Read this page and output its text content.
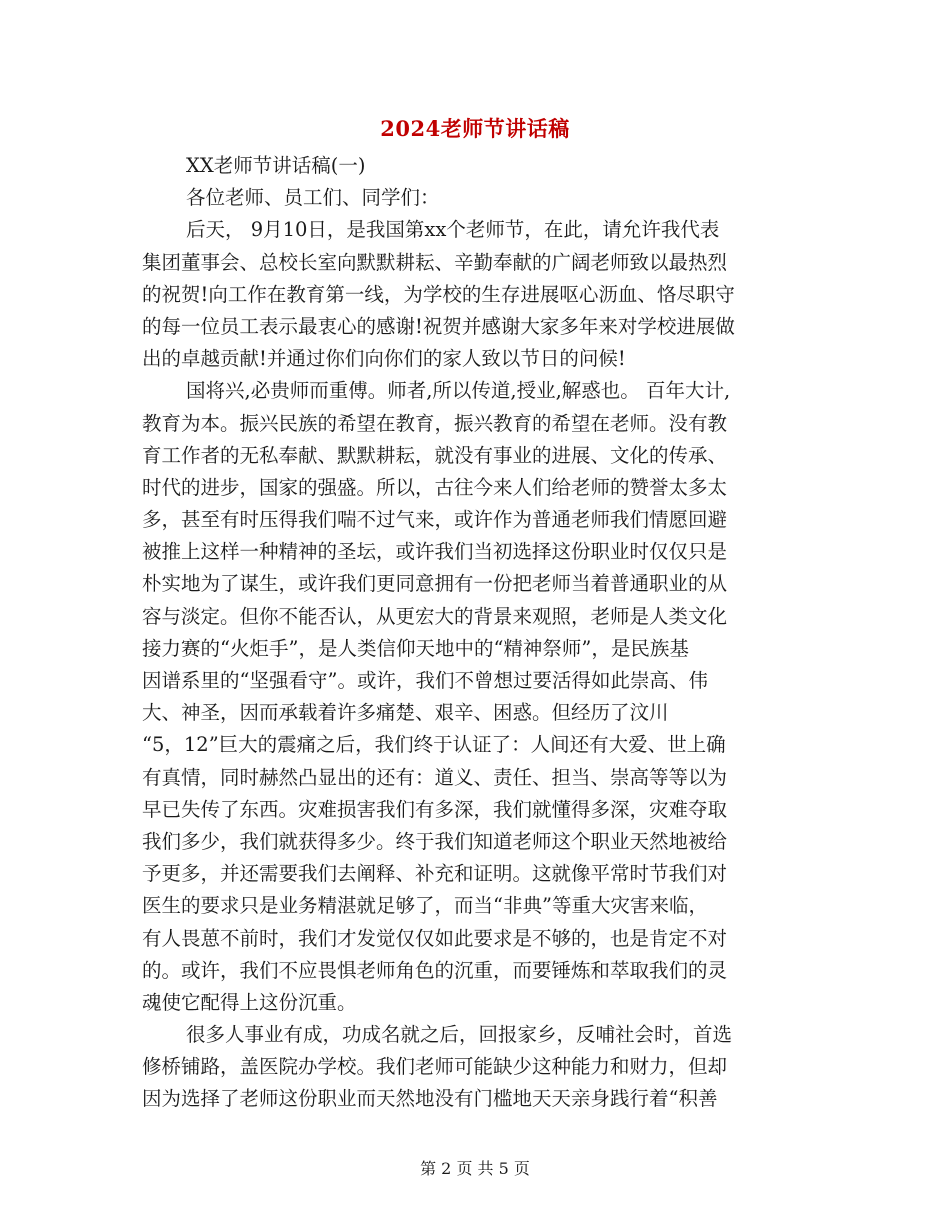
2024老师节讲话稿

XX老师节讲话稿(一)

各位老师、员工们、同学们：

后天， 9月10日，是我国第xx个老师节，在此，请允许我代表

集团董事会、总校长室向默默耕耘、辛勤奉献的广阔老师致以最热烈

的祝贺!向工作在教育第一线，为学校的生存进展呕心沥血、恪尽职守

的每一位员工表示最衷心的感谢!祝贺并感谢大家多年来对学校进展做

出的卓越贡献!并通过你们向你们的家人致以节日的问候!

国将兴,必贵师而重傅。师者,所以传道,授业,解惑也。 百年大计,

教育为本。振兴民族的希望在教育，振兴教育的希望在老师。没有教

育工作者的无私奉献、默默耕耘，就没有事业的进展、文化的传承、

时代的进步，国家的强盛。所以，古往今来人们给老师的赞誉太多太

多，甚至有时压得我们喘不过气来，或许作为普通老师我们情愿回避

被推上这样一种精神的圣坛，或许我们当初选择这份职业时仅仅只是

朴实地为了谋生，或许我们更同意拥有一份把老师当着普通职业的从

容与淡定。但你不能否认，从更宏大的背景来观照，老师是人类文化

接力赛的“火炬手”，是人类信仰天地中的“精神祭师”，是民族基

因谱系里的“坚强看守”。或许，我们不曾想过要活得如此崇高、伟

大、神圣，因而承载着许多痛楚、艰辛、困惑。但经历了汶川

“5，12”巨大的震痛之后，我们终于认证了：人间还有大爱、世上确

有真情，同时赫然凸显出的还有：道义、责任、担当、崇高等等以为

早已失传了东西。灾难损害我们有多深，我们就懂得多深，灾难夺取

我们多少，我们就获得多少。终于我们知道老师这个职业天然地被给

予更多，并还需要我们去阐释、补充和证明。这就像平常时节我们对

医生的要求只是业务精湛就足够了，而当“非典”等重大灾害来临，

有人畏葸不前时，我们才发觉仅仅如此要求是不够的，也是肯定不对

的。或许，我们不应畏惧老师角色的沉重，而要锤炼和萃取我们的灵

魂使它配得上这份沉重。

很多人事业有成，功成名就之后，回报家乡，反哺社会时，首选

修桥铺路，盖医院办学校。我们老师可能缺少这种能力和财力，但却

因为选择了老师这份职业而天然地没有门槛地天天亲身践行着“积善

第 2 页 共 5 页
